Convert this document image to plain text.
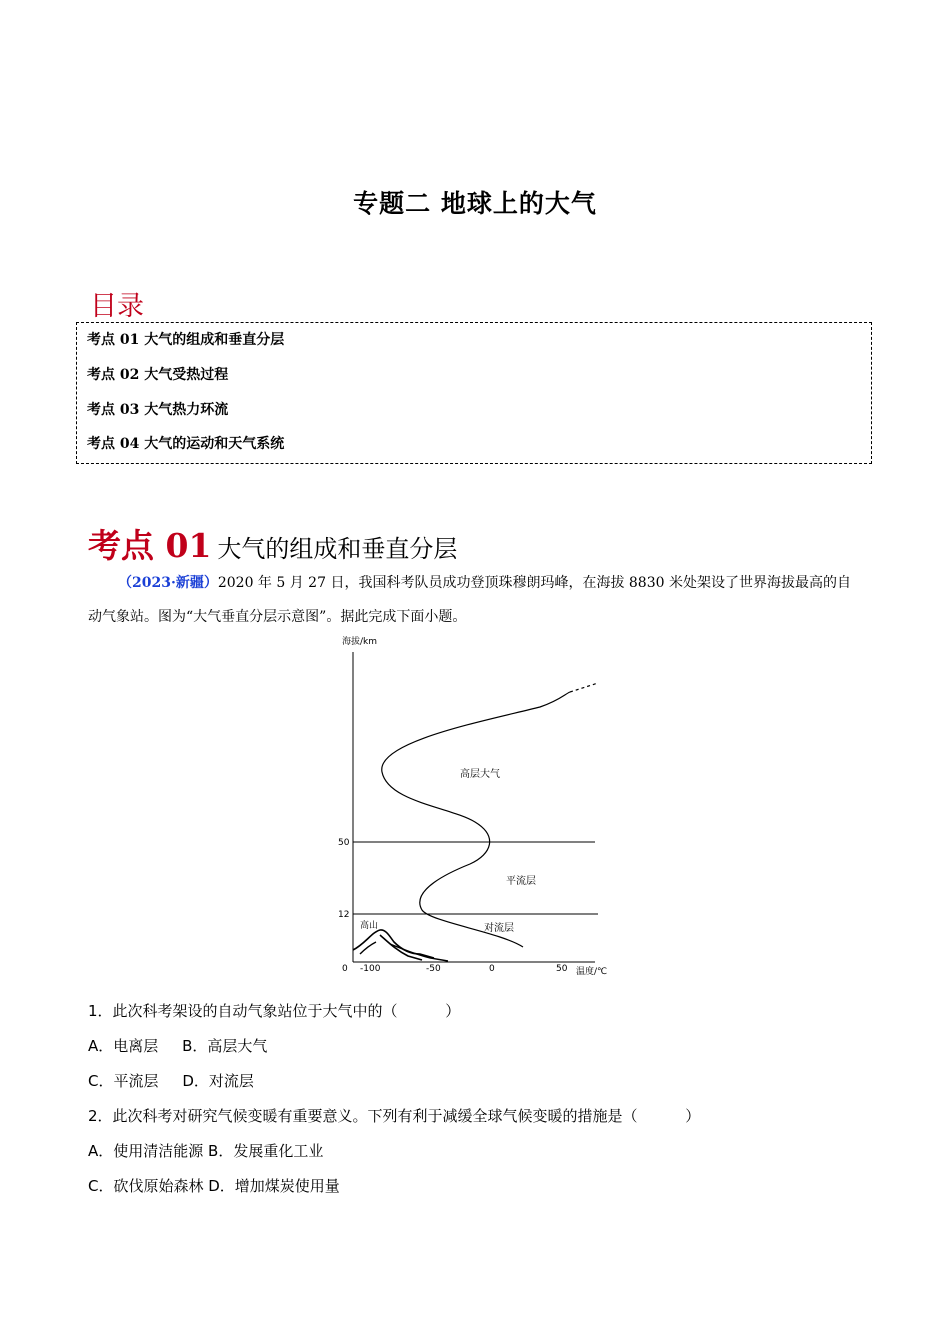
专题二 地球上的大气
目录
考点 01 大气的组成和垂直分层
考点 02 大气受热过程
考点 03 大气热力环流
考点 04 大气的运动和天气系统
考点 01 大气的组成和垂直分层
（2023·新疆）2020 年 5 月 27 日，我国科考队员成功登顶珠穆朗玛峰，在海拔 8830 米处架设了世界海拔最高的自动气象站。图为“大气垂直分层示意图”。据此完成下面小题。
海拔/km
温度/℃
50
12
0 -100	-50	0	50
高层大气
平流层
对流层
高山
1．此次科考架设的自动气象站位于大气中的（          ）
A．电离层     B．高层大气
C．平流层     D．对流层
2．此次科考对研究气候变暖有重要意义。下列有利于减缓全球气候变暖的措施是（          ）
A．使用清洁能源 B．发展重化工业
C．砍伐原始森林 D．增加煤炭使用量
